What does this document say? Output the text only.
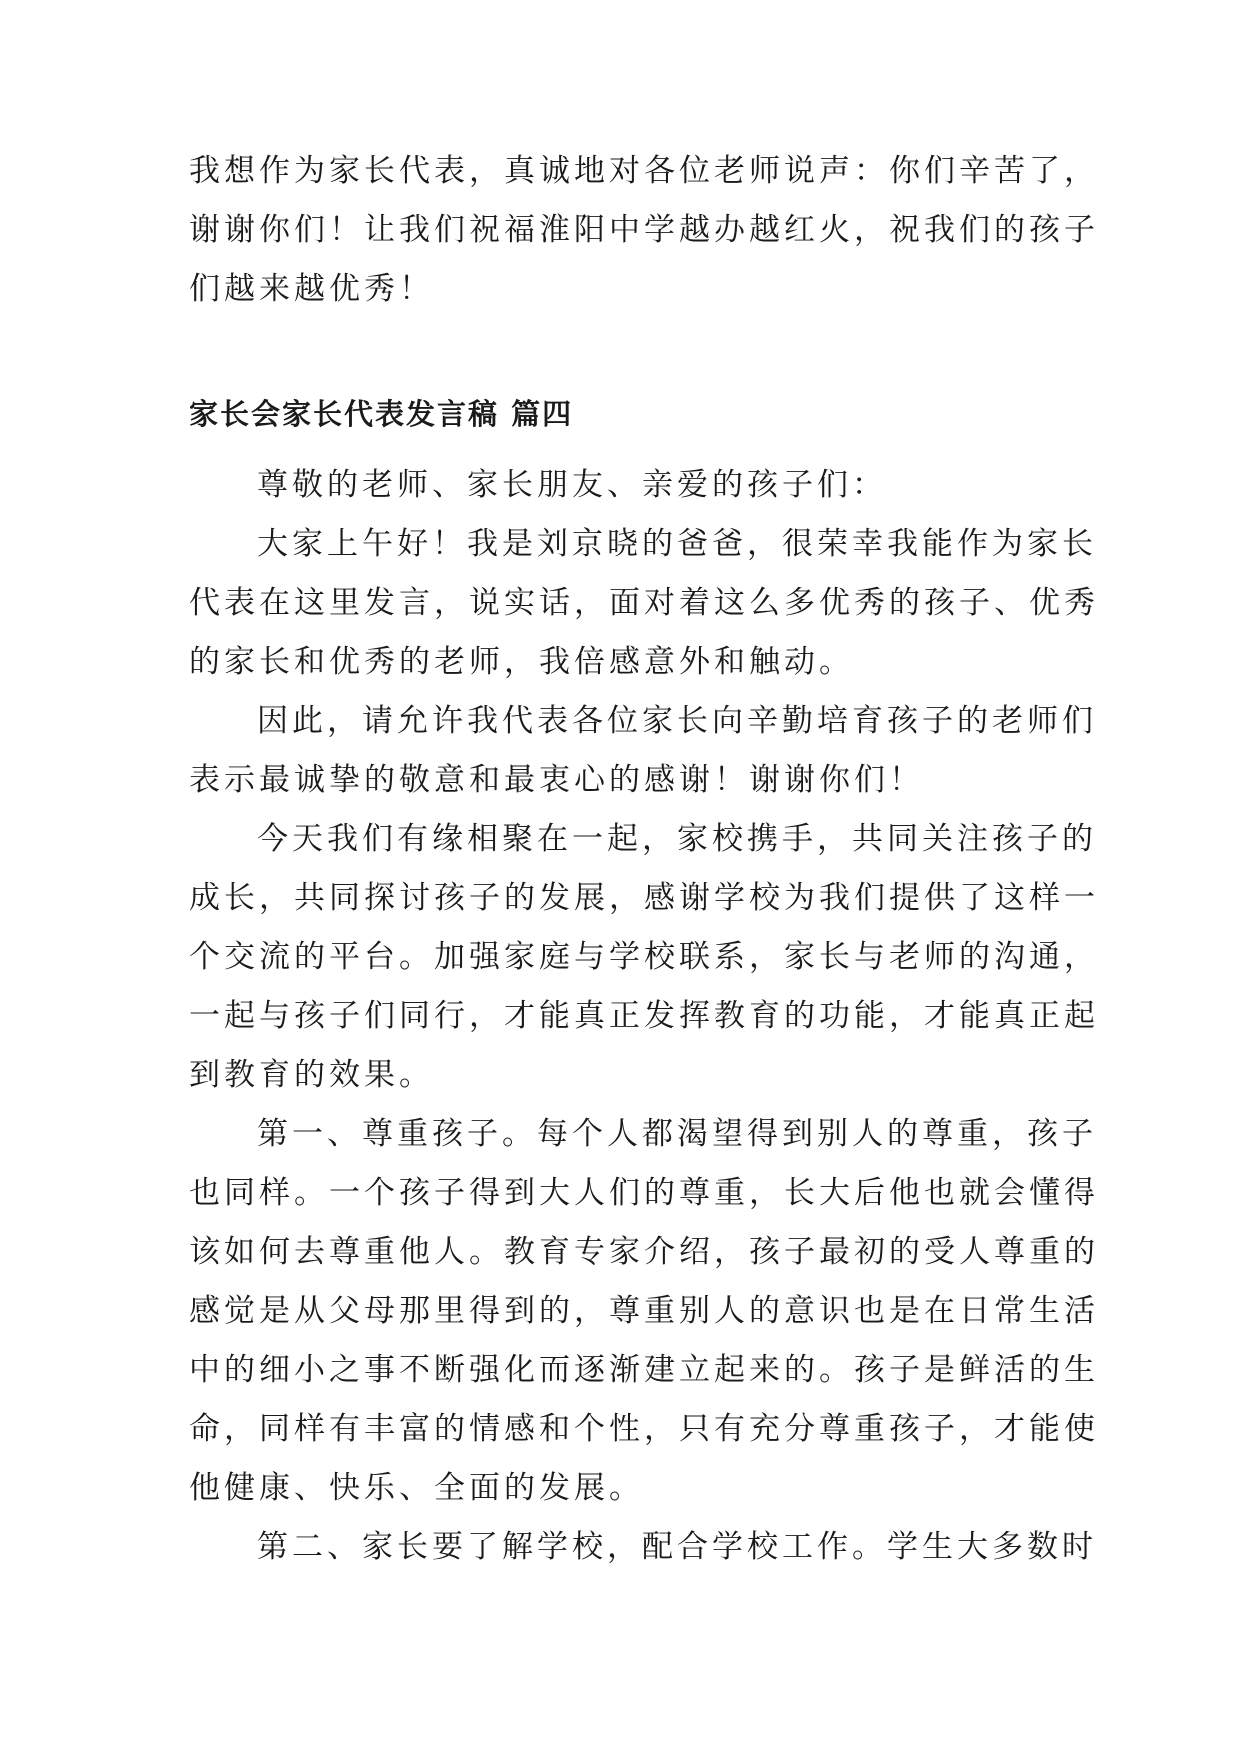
我想作为家长代表，真诚地对各位老师说声：你们辛苦了，
谢谢你们！让我们祝福淮阳中学越办越红火，祝我们的孩子
们越来越优秀！

家长会家长代表发言稿 篇四

尊敬的老师、家长朋友、亲爱的孩子们：

大家上午好！我是刘京晓的爸爸，很荣幸我能作为家长
代表在这里发言，说实话，面对着这么多优秀的孩子、优秀
的家长和优秀的老师，我倍感意外和触动。

因此，请允许我代表各位家长向辛勤培育孩子的老师们
表示最诚挚的敬意和最衷心的感谢！谢谢你们！

今天我们有缘相聚在一起，家校携手，共同关注孩子的
成长，共同探讨孩子的发展，感谢学校为我们提供了这样一
个交流的平台。加强家庭与学校联系，家长与老师的沟通，
一起与孩子们同行，才能真正发挥教育的功能，才能真正起
到教育的效果。

第一、尊重孩子。每个人都渴望得到别人的尊重，孩子
也同样。一个孩子得到大人们的尊重，长大后他也就会懂得
该如何去尊重他人。教育专家介绍，孩子最初的受人尊重的
感觉是从父母那里得到的，尊重别人的意识也是在日常生活
中的细小之事不断强化而逐渐建立起来的。孩子是鲜活的生
命，同样有丰富的情感和个性，只有充分尊重孩子，才能使
他健康、快乐、全面的发展。

第二、家长要了解学校，配合学校工作。学生大多数时
